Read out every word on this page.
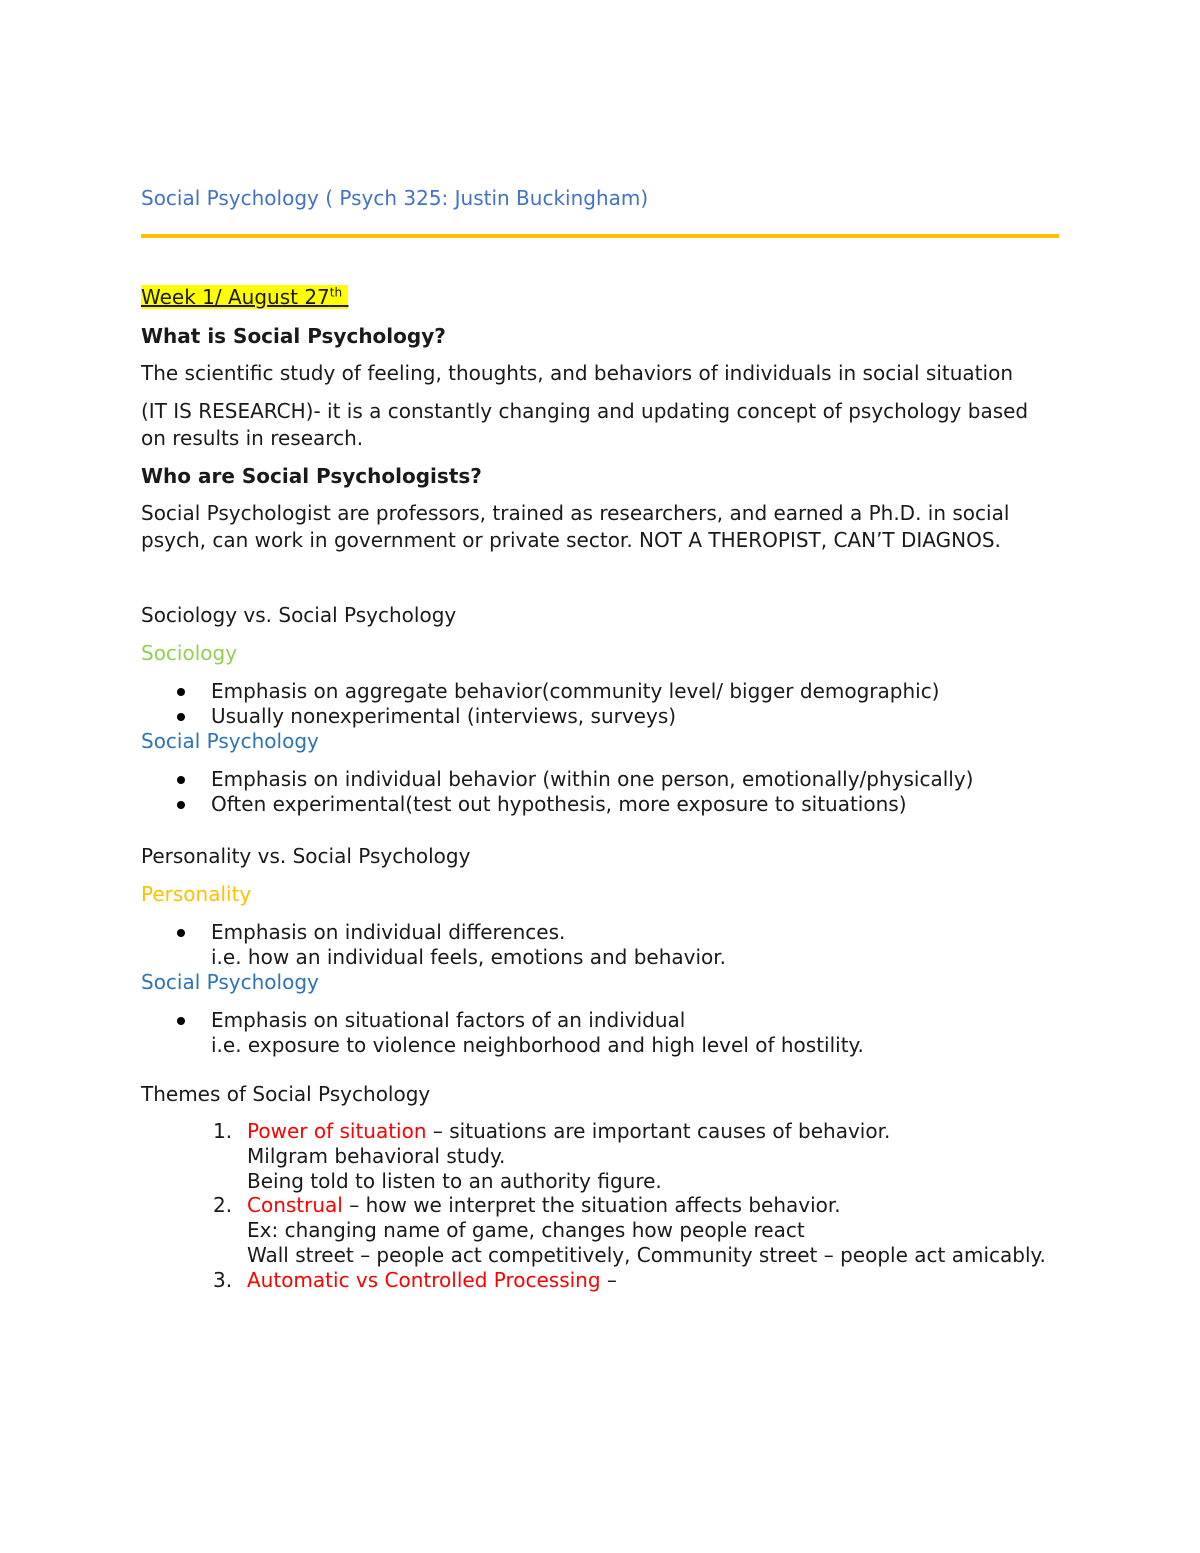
Social Psychology ( Psych 325: Justin Buckingham)

Week 1/ August 27th

What is Social Psychology?

The scientific study of feeling, thoughts, and behaviors of individuals in social situation

(IT IS RESEARCH)- it is a constantly changing and updating concept of psychology based on results in research.

Who are Social Psychologists?

Social Psychologist are professors, trained as researchers, and earned a Ph.D. in social psych, can work in government or private sector. NOT A THEROPIST, CAN’T DIAGNOS.

Sociology vs. Social Psychology

Sociology

Emphasis on aggregate behavior(community level/ bigger demographic)
Usually nonexperimental (interviews, surveys)

Social Psychology

Emphasis on individual behavior (within one person, emotionally/physically)
Often experimental(test out hypothesis, more exposure to situations)

Personality vs. Social Psychology

Personality

Emphasis on individual differences.
i.e. how an individual feels, emotions and behavior.

Social Psychology

Emphasis on situational factors of an individual
i.e. exposure to violence neighborhood and high level of hostility.

Themes of Social Psychology

1. Power of situation – situations are important causes of behavior.
Milgram behavioral study.
Being told to listen to an authority figure.
2. Construal – how we interpret the situation affects behavior.
Ex: changing name of game, changes how people react
Wall street – people act competitively, Community street – people act amicably.
3. Automatic vs Controlled Processing –
